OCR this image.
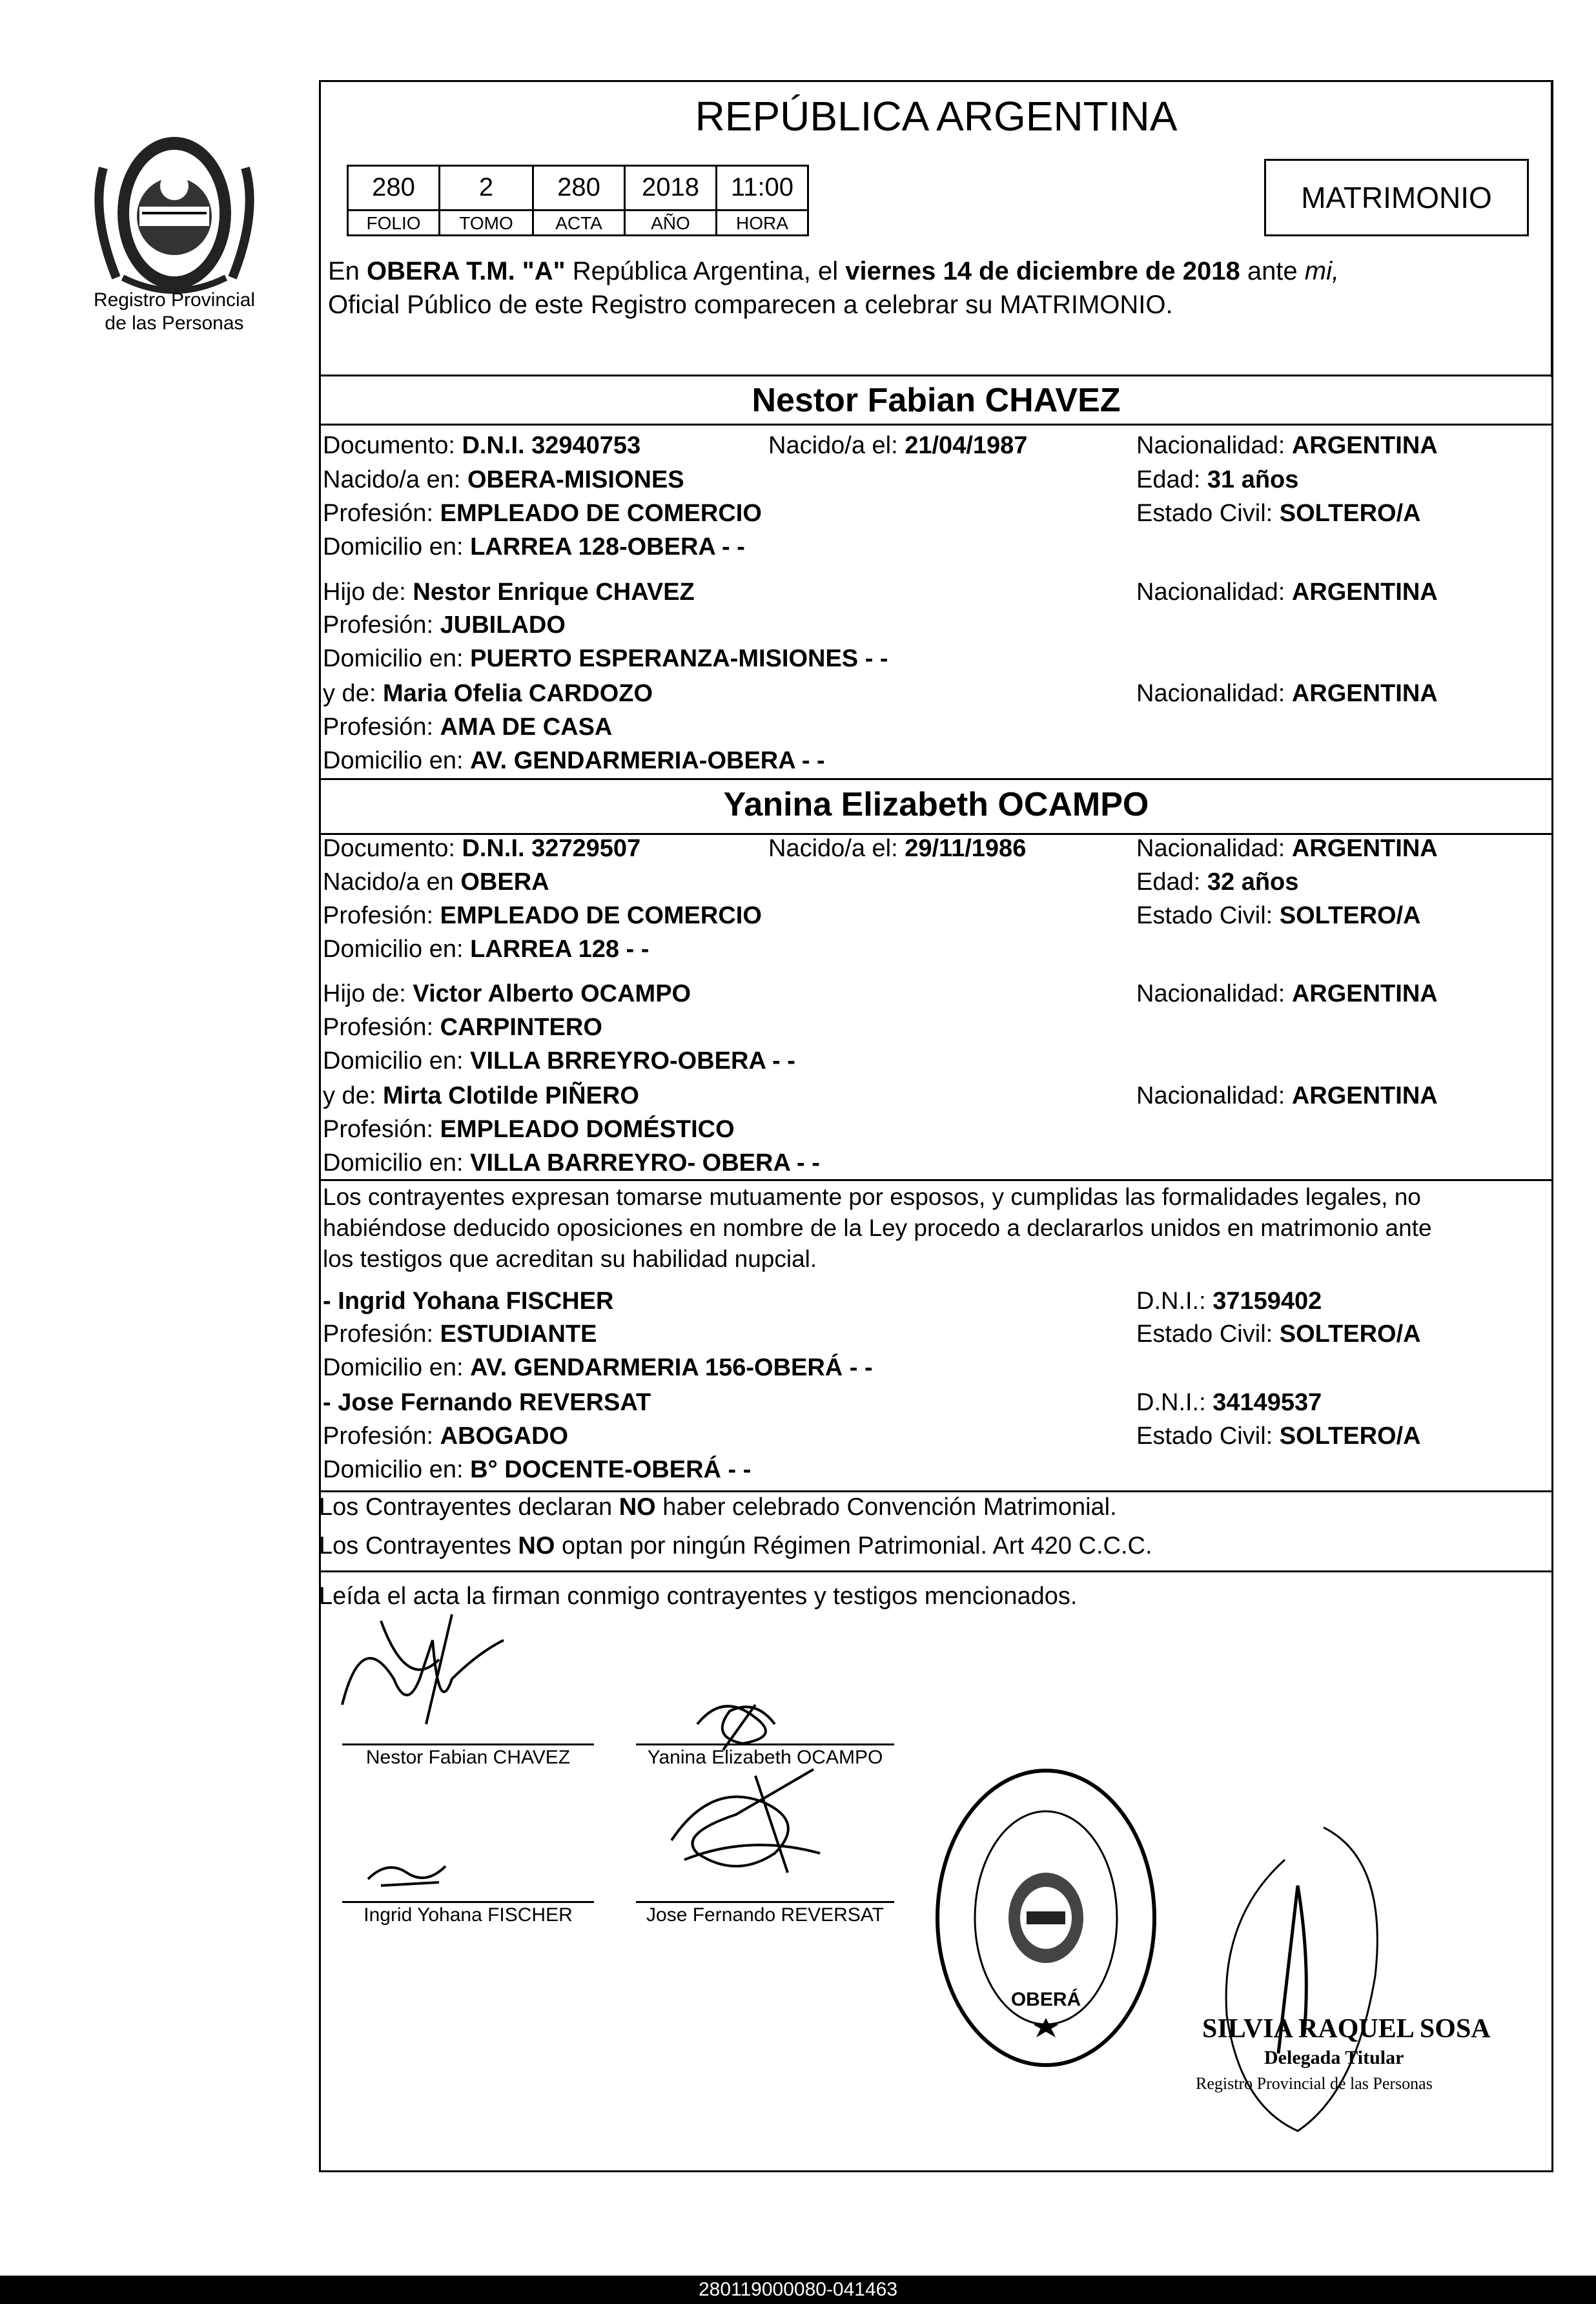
Registro Provincial
de las Personas
REPÚBLICA ARGENTINA
280	2	280	2018	11:00
FOLIO	TOMO	ACTA	AÑO	HORA
MATRIMONIO
En OBERA T.M. "A" República Argentina, el viernes 14 de diciembre de 2018 ante mi,
Oficial Público de este Registro comparecen a celebrar su MATRIMONIO.
Nestor Fabian CHAVEZ
Documento: D.N.I. 32940753	Nacido/a el: 21/04/1987	Nacionalidad: ARGENTINA
Nacido/a en: OBERA-MISIONES	Edad: 31 años
Profesión: EMPLEADO DE COMERCIO	Estado Civil: SOLTERO/A
Domicilio en: LARREA 128-OBERA - -
Hijo de: Nestor Enrique CHAVEZ	Nacionalidad: ARGENTINA
Profesión: JUBILADO
Domicilio en: PUERTO ESPERANZA-MISIONES - -
y de: Maria Ofelia CARDOZO	Nacionalidad: ARGENTINA
Profesión: AMA DE CASA
Domicilio en: AV. GENDARMERIA-OBERA - -
Yanina Elizabeth OCAMPO
Documento: D.N.I. 32729507	Nacido/a el: 29/11/1986	Nacionalidad: ARGENTINA
Nacido/a en OBERA	Edad: 32 años
Profesión: EMPLEADO DE COMERCIO	Estado Civil: SOLTERO/A
Domicilio en: LARREA 128 - -
Hijo de: Victor Alberto OCAMPO	Nacionalidad: ARGENTINA
Profesión: CARPINTERO
Domicilio en: VILLA BRREYRO-OBERA - -
y de: Mirta Clotilde PIÑERO	Nacionalidad: ARGENTINA
Profesión: EMPLEADO DOMÉSTICO
Domicilio en: VILLA BARREYRO- OBERA - -
Los contrayentes expresan tomarse mutuamente por esposos, y cumplidas las formalidades legales, no
habiéndose deducido oposiciones en nombre de la Ley procedo a declararlos unidos en matrimonio ante
los testigos que acreditan su habilidad nupcial.
- Ingrid Yohana FISCHER	D.N.I.: 37159402
Profesión: ESTUDIANTE	Estado Civil: SOLTERO/A
Domicilio en: AV. GENDARMERIA 156-OBERÁ - -
- Jose Fernando REVERSAT	D.N.I.: 34149537
Profesión: ABOGADO	Estado Civil: SOLTERO/A
Domicilio en: B° DOCENTE-OBERÁ - -
Los Contrayentes declaran NO haber celebrado Convención Matrimonial.
Los Contrayentes NO optan por ningún Régimen Patrimonial. Art 420 C.C.C.
Leída el acta la firman conmigo contrayentes y testigos mencionados.
Nestor Fabian CHAVEZ	Yanina Elizabeth OCAMPO
Ingrid Yohana FISCHER	Jose Fernando REVERSAT
OBERÁ
SILVIA RAQUEL SOSA
Delegada Titular
Registro Provincial de las Personas
280119000080-041463
